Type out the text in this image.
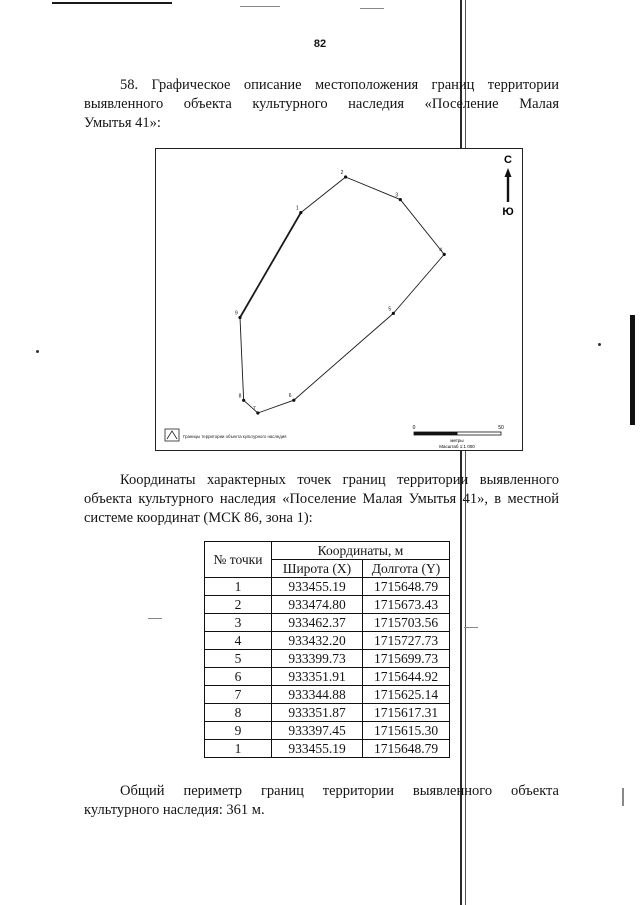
82
58. Графическое описание местоположения границ территории
выявленного объекта культурного наследия «Поселение Малая
Умытья 41»:
1
2
3
4
5
6
7
8
9
С
Ю
Границы территории объекта культурного наследия
0	50
метры
Масштаб 1:1 000
Координаты характерных точек границ территории выявленного
объекта культурного наследия «Поселение Малая Умытья 41», в местной
системе координат (МСК 86, зона 1):
№ точки	Координаты, м	
	Широта (X)	Долгота (Y)
1	933455.19	1715648.79
2	933474.80	1715673.43
3	933462.37	1715703.56
4	933432.20	1715727.73
5	933399.73	1715699.73
6	933351.91	1715644.92
7	933344.88	1715625.14
8	933351.87	1715617.31
9	933397.45	1715615.30
1	933455.19	1715648.79
Общий периметр границ территории выявленного объекта
культурного наследия: 361 м.
